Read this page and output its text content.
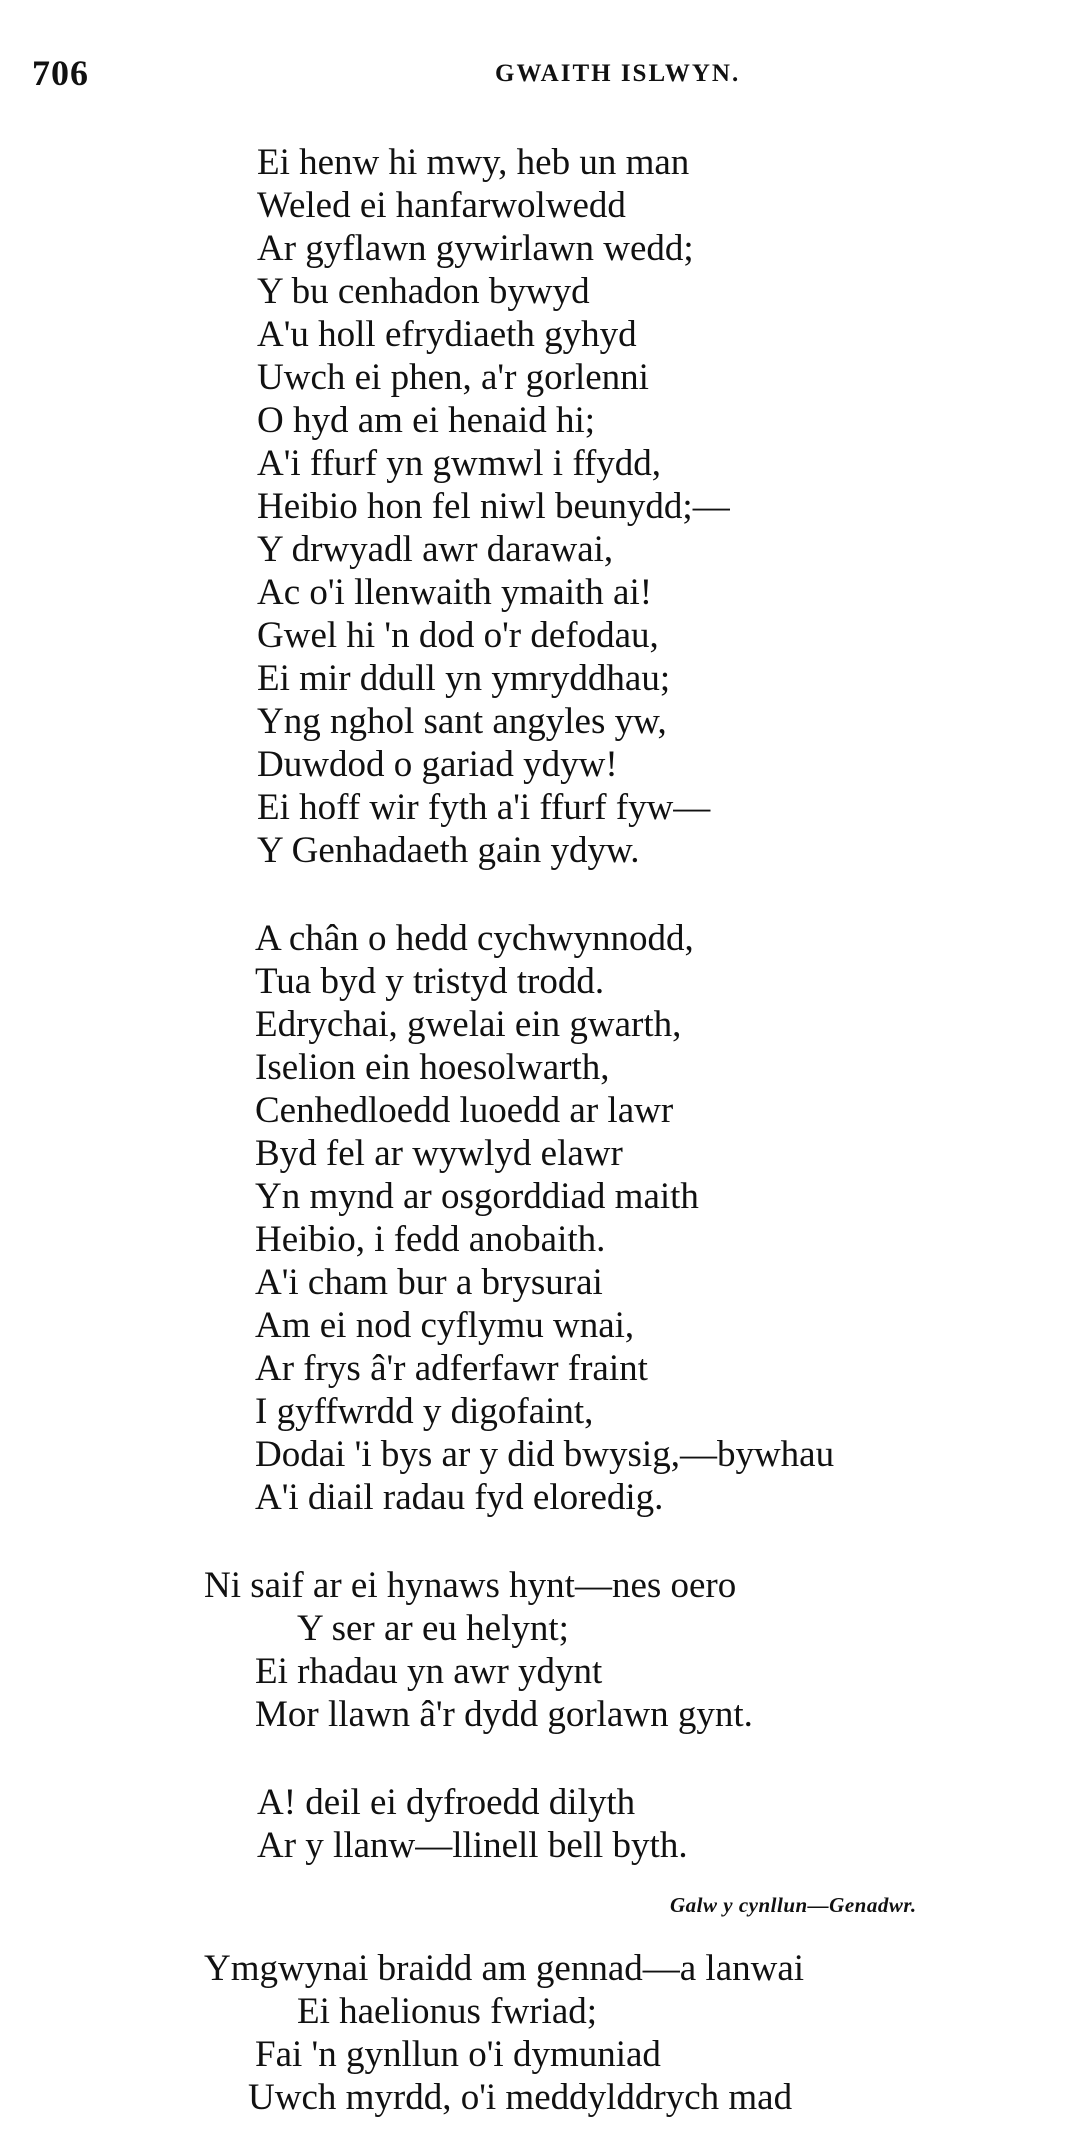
706	GWAITH ISLWYN.
Ei henw hi mwy, heb un man
Weled ei hanfarwolwedd
Ar gyflawn gywirlawn wedd;
Y bu cenhadon bywyd
A'u holl efrydiaeth gyhyd
Uwch ei phen, a'r gorlenni
O hyd am ei henaid hi;
A'i ffurf yn gwmwl i ffydd,
Heibio hon fel niwl beunydd;—
Y drwyadl awr darawai,
Ac o'i llenwaith ymaith ai!
Gwel hi 'n dod o'r defodau,
Ei mir ddull yn ymryddhau;
Yng nghol sant angyles yw,
Duwdod o gariad ydyw!
Ei hoff wir fyth a'i ffurf fyw—
Y Genhadaeth gain ydyw.
A chân o hedd cychwynnodd,
Tua byd y tristyd trodd.
Edrychai, gwelai ein gwarth,
Iselion ein hoesolwarth,
Cenhedloedd luoedd ar lawr
Byd fel ar wywlyd elawr
Yn mynd ar osgorddiad maith
Heibio, i fedd anobaith.
A'i cham bur a brysurai
Am ei nod cyflymu wnai,
Ar frys â'r adferfawr fraint
I gyffwrdd y digofaint,
Dodai 'i bys ar y did bwysig,—bywhau
A'i diail radau fyd eloredig.
Ni saif ar ei hynaws hynt—nes oero
Y ser ar eu helynt;
Ei rhadau yn awr ydynt
Mor llawn â'r dydd gorlawn gynt.
A! deil ei dyfroedd dilyth
Ar y llanw—llinell bell byth.
Galw y cynllun—Genadwr.
Ymgwynai braidd am gennad—a lanwai
Ei haelionus fwriad;
Fai 'n gynllun o'i dymuniad
Uwch myrdd, o'i meddylddrych mad
